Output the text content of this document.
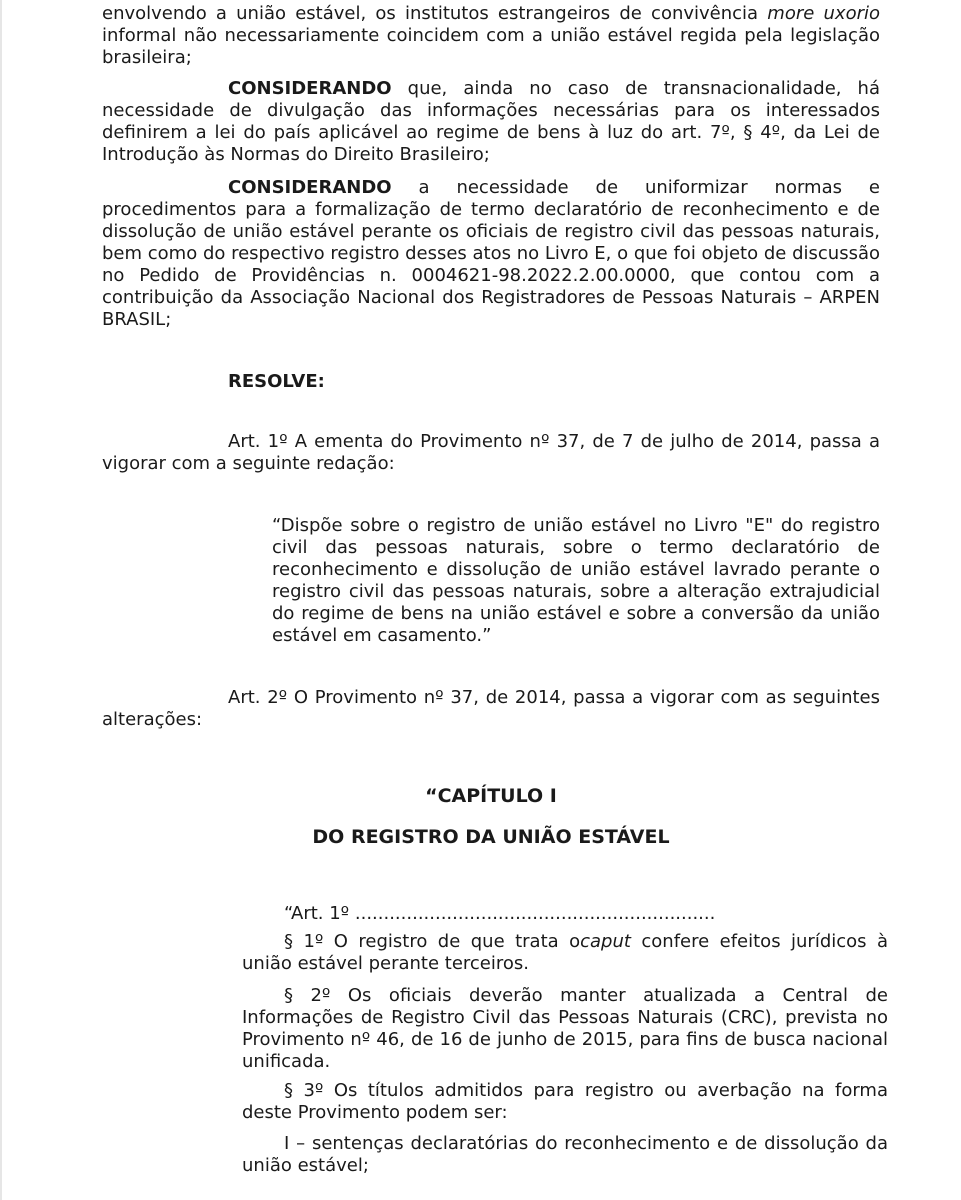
envolvendo a união estável, os institutos estrangeiros de convivência more uxorio informal não necessariamente coincidem com a união estável regida pela legislação brasileira;

CONSIDERANDO que, ainda no caso de transnacionalidade, há necessidade de divulgação das informações necessárias para os interessados definirem a lei do país aplicável ao regime de bens à luz do art. 7º, § 4º, da Lei de Introdução às Normas do Direito Brasileiro;

CONSIDERANDO a necessidade de uniformizar normas e procedimentos para a formalização de termo declaratório de reconhecimento e de dissolução de união estável perante os oficiais de registro civil das pessoas naturais, bem como do respectivo registro desses atos no Livro E, o que foi objeto de discussão no Pedido de Providências n. 0004621-98.2022.2.00.0000, que contou com a contribuição da Associação Nacional dos Registradores de Pessoas Naturais – ARPEN BRASIL;

RESOLVE:

Art. 1º A ementa do Provimento nº 37, de 7 de julho de 2014, passa a vigorar com a seguinte redação:

“Dispõe sobre o registro de união estável no Livro "E" do registro civil das pessoas naturais, sobre o termo declaratório de reconhecimento e dissolução de união estável lavrado perante o registro civil das pessoas naturais, sobre a alteração extrajudicial do regime de bens na união estável e sobre a conversão da união estável em casamento.”

Art. 2º O Provimento nº 37, de 2014, passa a vigorar com as seguintes alterações:

“CAPÍTULO I
DO REGISTRO DA UNIÃO ESTÁVEL

“Art. 1º ...............................................................

§ 1º O registro de que trata ocaput confere efeitos jurídicos à união estável perante terceiros.

§ 2º Os oficiais deverão manter atualizada a Central de Informações de Registro Civil das Pessoas Naturais (CRC), prevista no Provimento nº 46, de 16 de junho de 2015, para fins de busca nacional unificada.

§ 3º Os títulos admitidos para registro ou averbação na forma deste Provimento podem ser:

I – sentenças declaratórias do reconhecimento e de dissolução da união estável;
